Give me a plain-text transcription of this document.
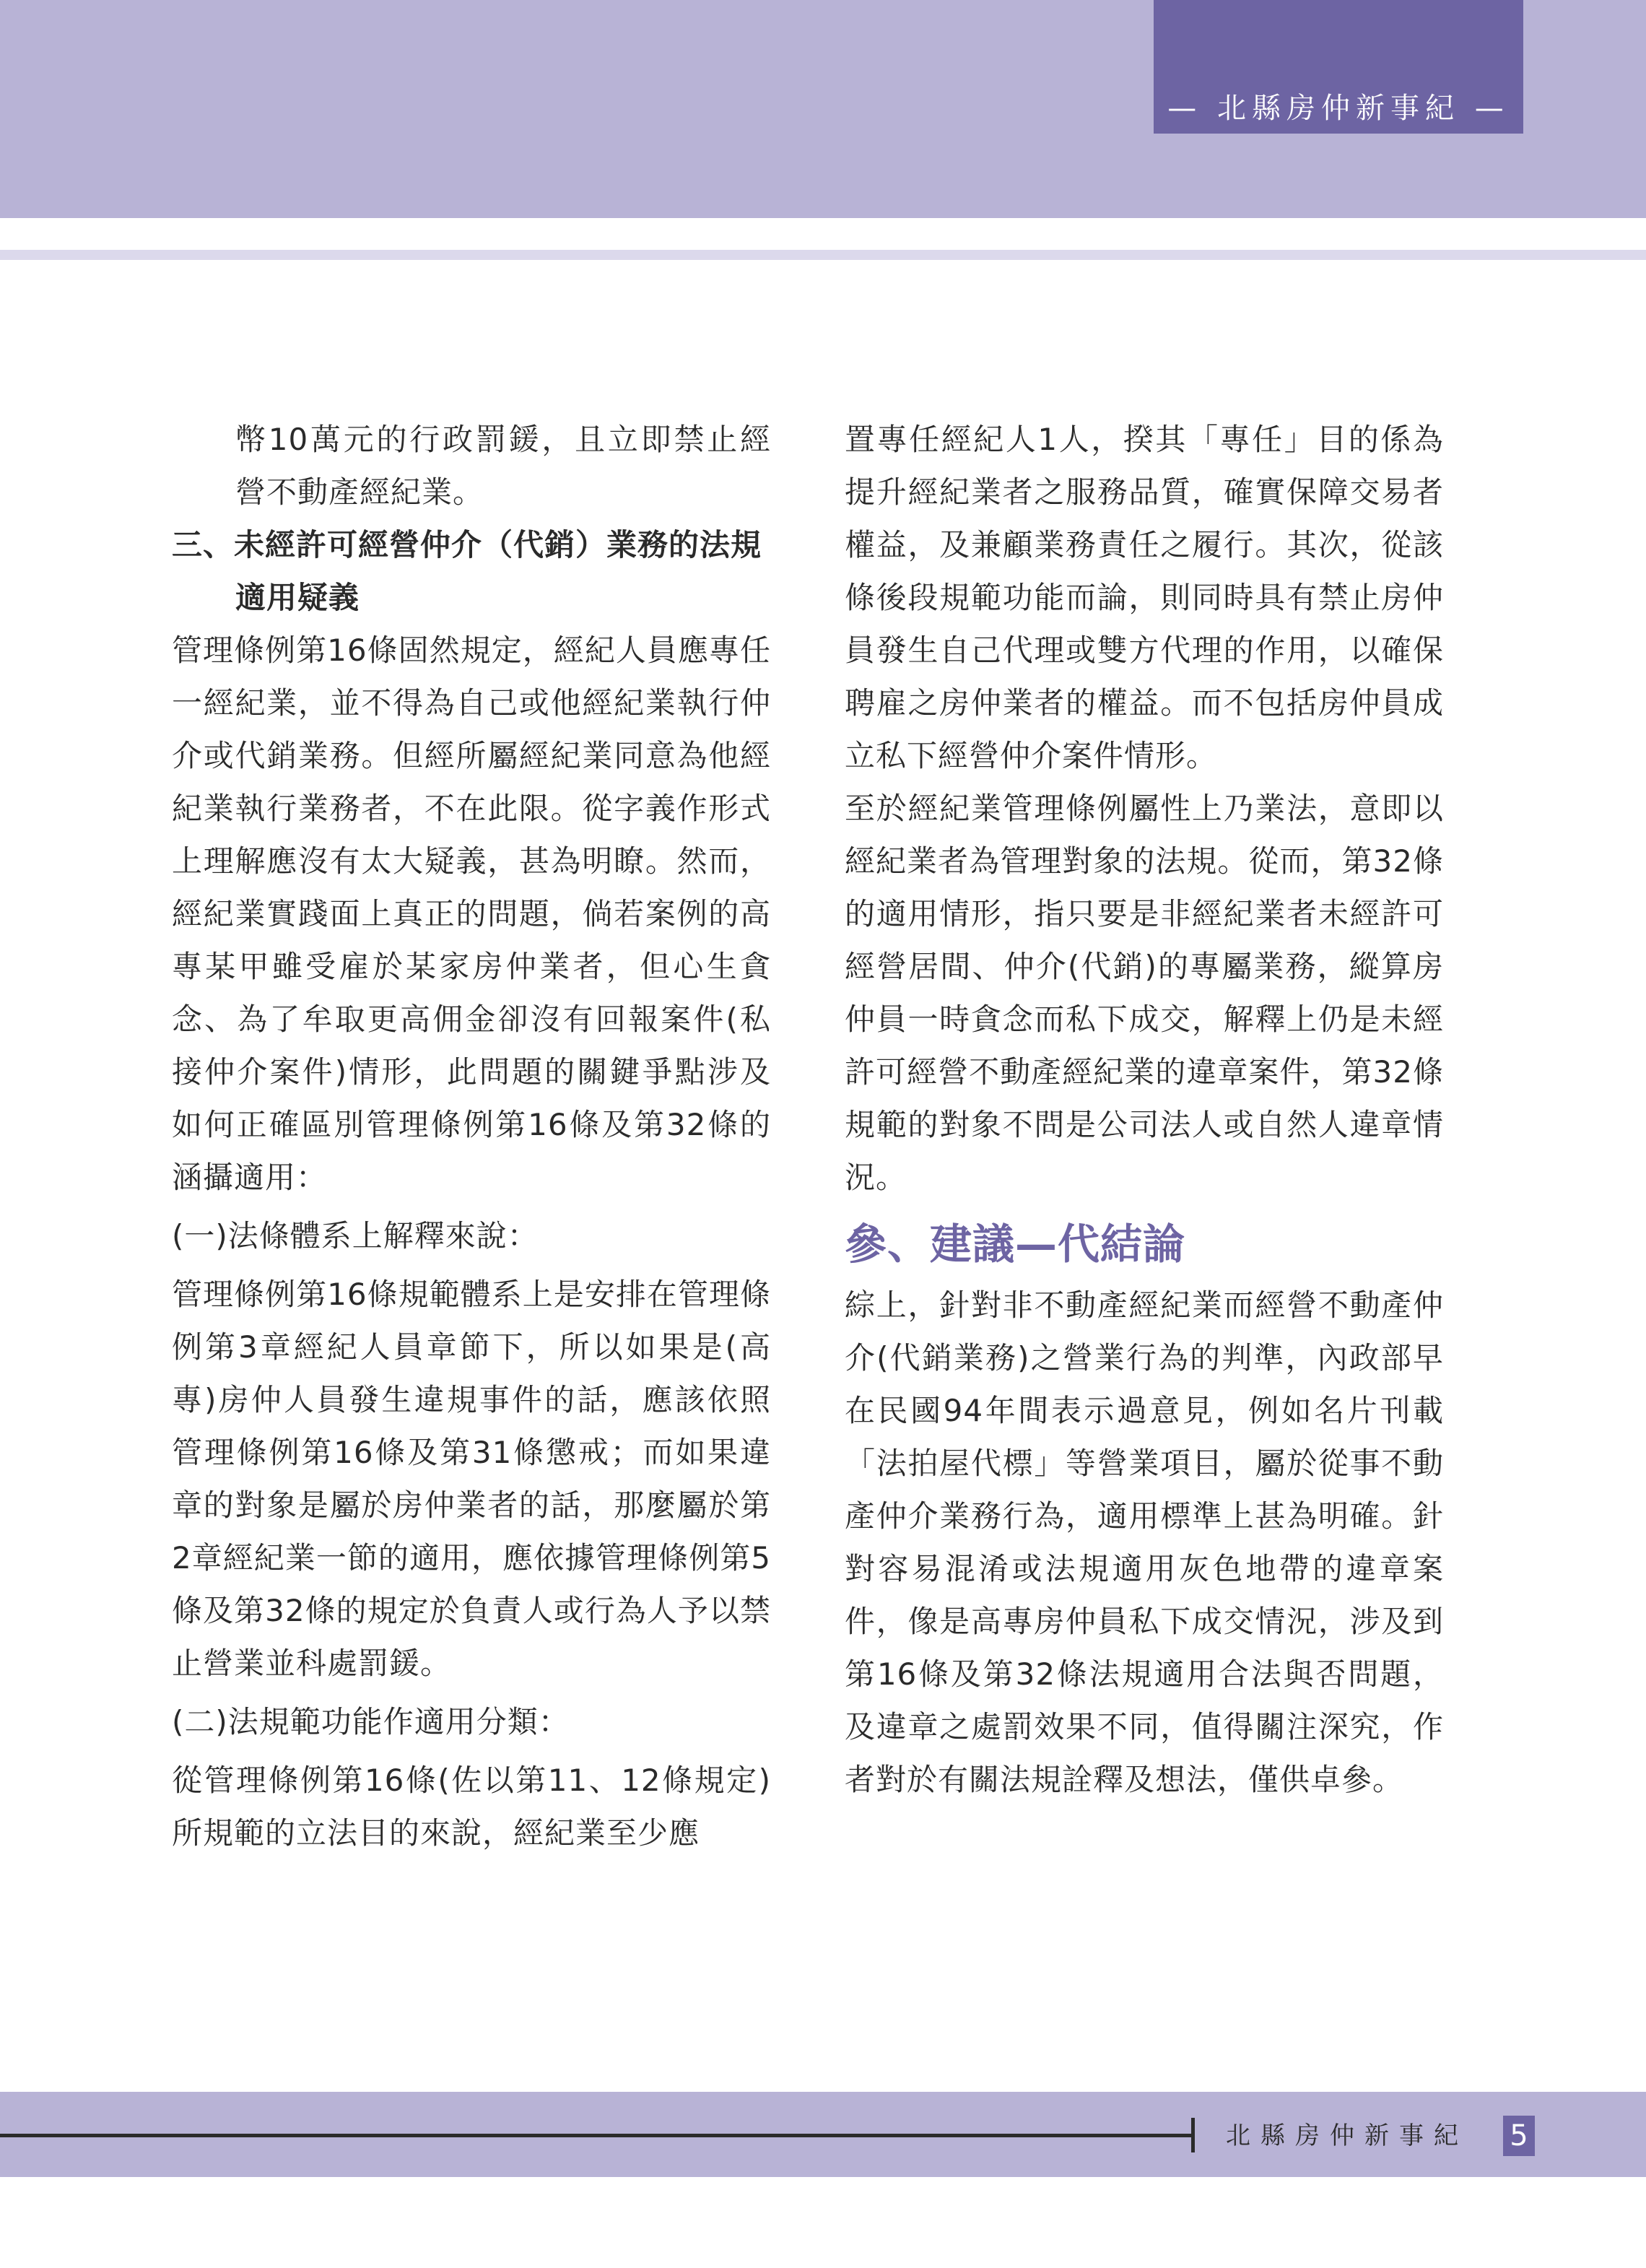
— 北縣房仲新事紀 —

幣10萬元的行政罰鍰，且立即禁止經營不動產經紀業。

三、未經許可經營仲介（代銷）業務的法規
適用疑義

管理條例第16條固然規定，經紀人員應專任一經紀業，並不得為自己或他經紀業執行仲介或代銷業務。但經所屬經紀業同意為他經紀業執行業務者，不在此限。從字義作形式上理解應沒有太大疑義，甚為明瞭。然而，經紀業實踐面上真正的問題，倘若案例的高專某甲雖受雇於某家房仲業者，但心生貪念、為了牟取更高佣金卻沒有回報案件(私接仲介案件)情形，此問題的關鍵爭點涉及如何正確區別管理條例第16條及第32條的涵攝適用：

(一)法條體系上解釋來說：

管理條例第16條規範體系上是安排在管理條例第3章經紀人員章節下，所以如果是(高專)房仲人員發生違規事件的話，應該依照管理條例第16條及第31條懲戒；而如果違章的對象是屬於房仲業者的話，那麼屬於第2章經紀業一節的適用，應依據管理條例第5條及第32條的規定於負責人或行為人予以禁止營業並科處罰鍰。

(二)法規範功能作適用分類：

從管理條例第16條(佐以第11、12條規定)所規範的立法目的來說，經紀業至少應

置專任經紀人1人，揆其「專任」目的係為提升經紀業者之服務品質，確實保障交易者權益，及兼顧業務責任之履行。其次，從該條後段規範功能而論，則同時具有禁止房仲員發生自己代理或雙方代理的作用，以確保聘雇之房仲業者的權益。而不包括房仲員成立私下經營仲介案件情形。

至於經紀業管理條例屬性上乃業法，意即以經紀業者為管理對象的法規。從而，第32條的適用情形，指只要是非經紀業者未經許可經營居間、仲介(代銷)的專屬業務，縱算房仲員一時貪念而私下成交，解釋上仍是未經許可經營不動產經紀業的違章案件，第32條規範的對象不問是公司法人或自然人違章情況。

參、建議—代結論

綜上，針對非不動產經紀業而經營不動產仲介(代銷業務)之營業行為的判準，內政部早在民國94年間表示過意見，例如名片刊載「法拍屋代標」等營業項目，屬於從事不動產仲介業務行為，適用標準上甚為明確。針對容易混淆或法規適用灰色地帶的違章案件，像是高專房仲員私下成交情況，涉及到第16條及第32條法規適用合法與否問題，及違章之處罰效果不同，值得關注深究，作者對於有關法規詮釋及想法，僅供卓參。

北縣房仲新事紀 5
